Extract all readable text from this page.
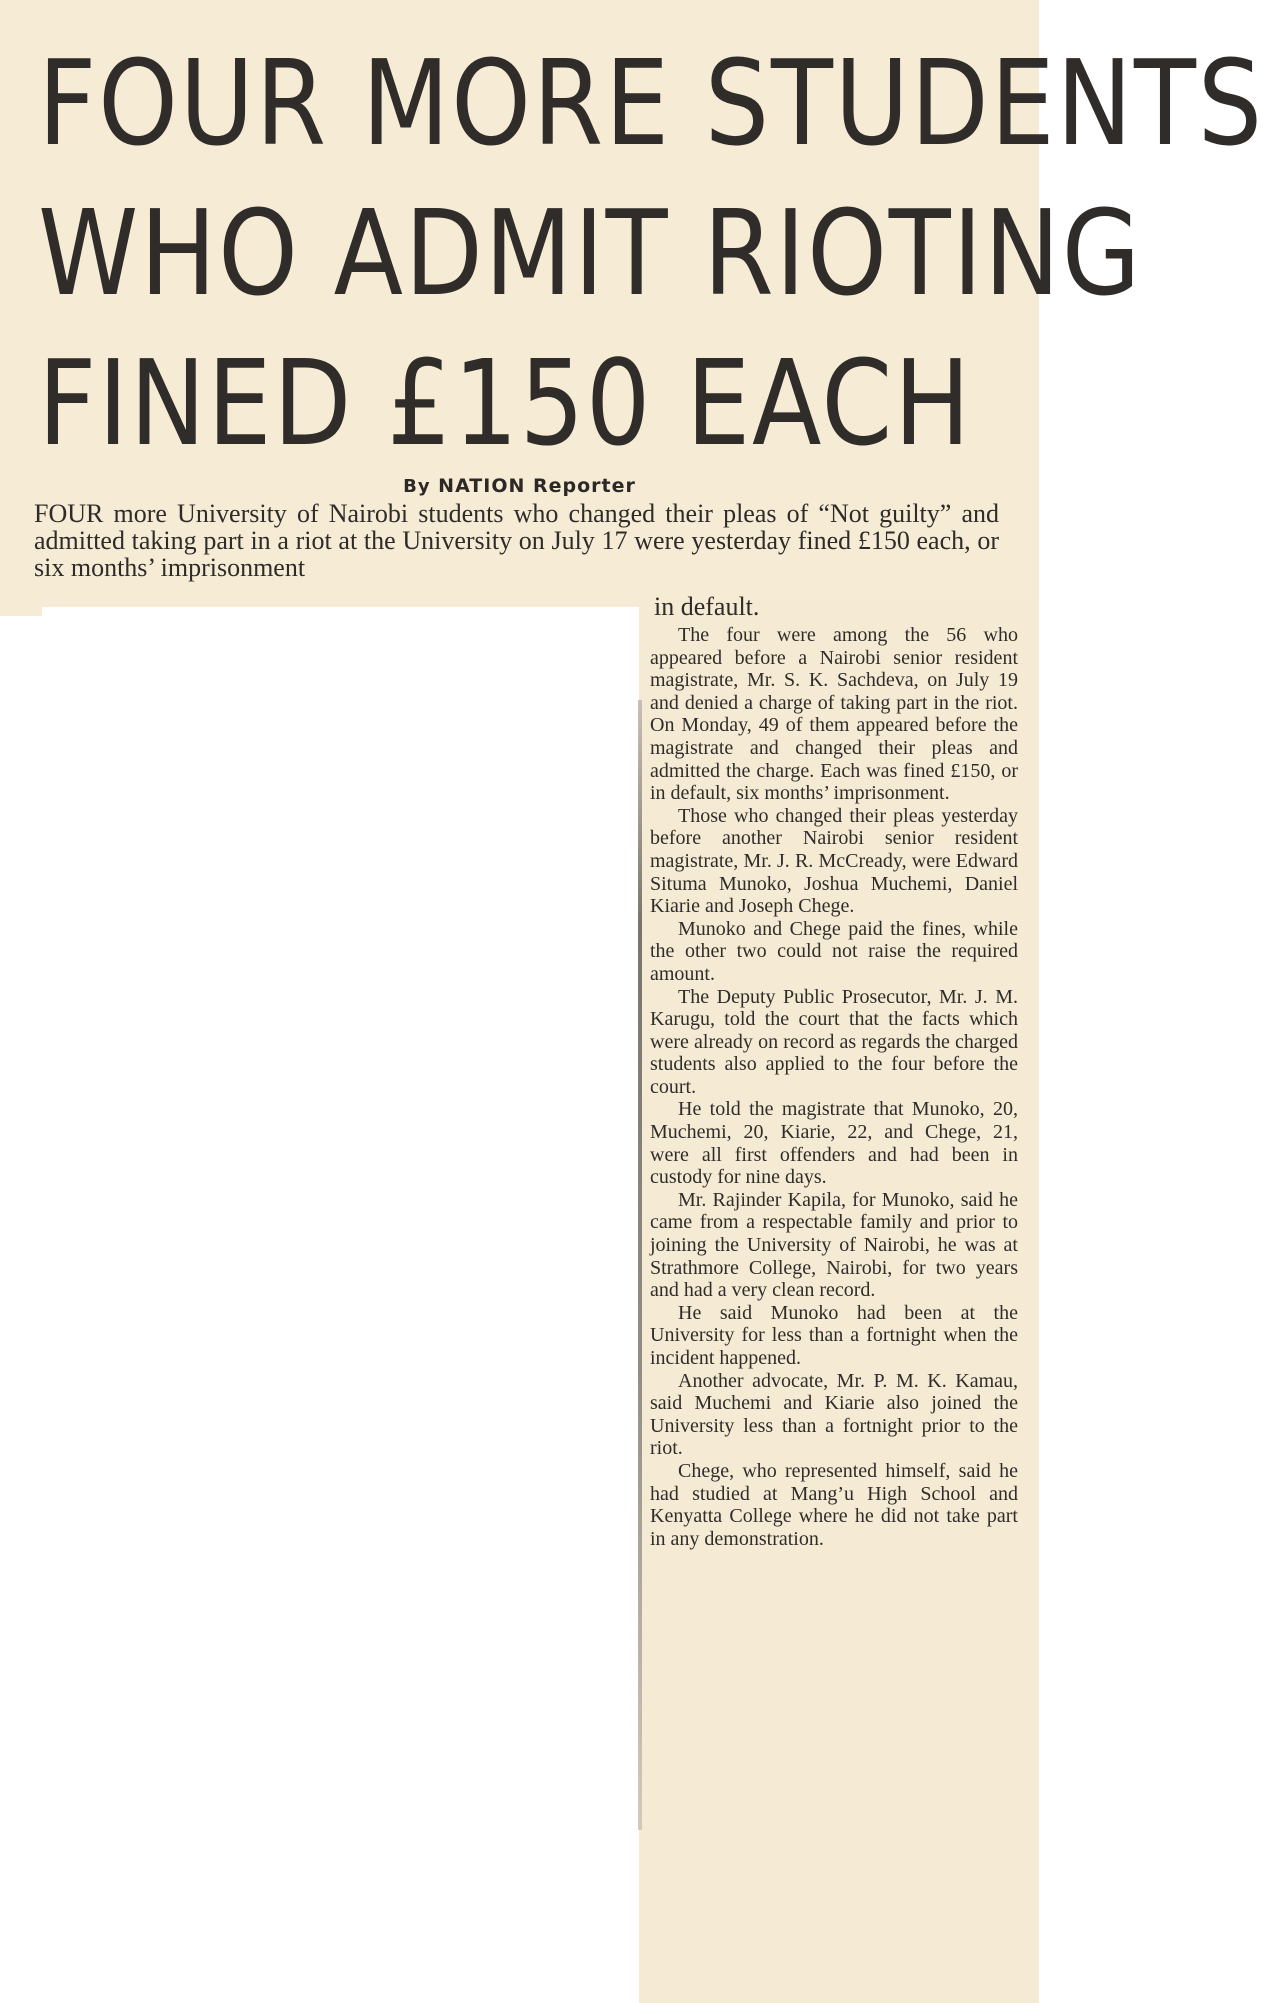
FOUR MORE STUDENTS
WHO ADMIT RIOTING
FINED £150 EACH
By NATION Reporter

FOUR more University of Nairobi students who changed their pleas of “Not guilty” and admitted taking part in a riot at the University on July 17 were yesterday fined £150 each, or six months’ imprisonment

in default.

The four were among the 56 who appeared before a Nairobi senior resident magistrate, Mr. S. K. Sachdeva, on July 19 and denied a charge of taking part in the riot. On Monday, 49 of them appeared before the magistrate and changed their pleas and admitted the charge. Each was fined £150, or in default, six months’ imprisonment.

Those who changed their pleas yesterday before another Nairobi senior resident magistrate, Mr. J. R. McCready, were Edward Situma Munoko, Joshua Muchemi, Daniel Kiarie and Joseph Chege.

Munoko and Chege paid the fines, while the other two could not raise the required amount.

The Deputy Public Prosecutor, Mr. J. M. Karugu, told the court that the facts which were already on record as regards the charged students also applied to the four before the court.

He told the magistrate that Munoko, 20, Muchemi, 20, Kiarie, 22, and Chege, 21, were all first offenders and had been in custody for nine days.

Mr. Rajinder Kapila, for Munoko, said he came from a respectable family and prior to joining the University of Nairobi, he was at Strathmore College, Nairobi, for two years and had a very clean record.

He said Munoko had been at the University for less than a fortnight when the incident happened.

Another advocate, Mr. P. M. K. Kamau, said Muchemi and Kiarie also joined the University less than a fortnight prior to the riot.

Chege, who represented himself, said he had studied at Mang’u High School and Kenyatta College where he did not take part in any demonstration.
